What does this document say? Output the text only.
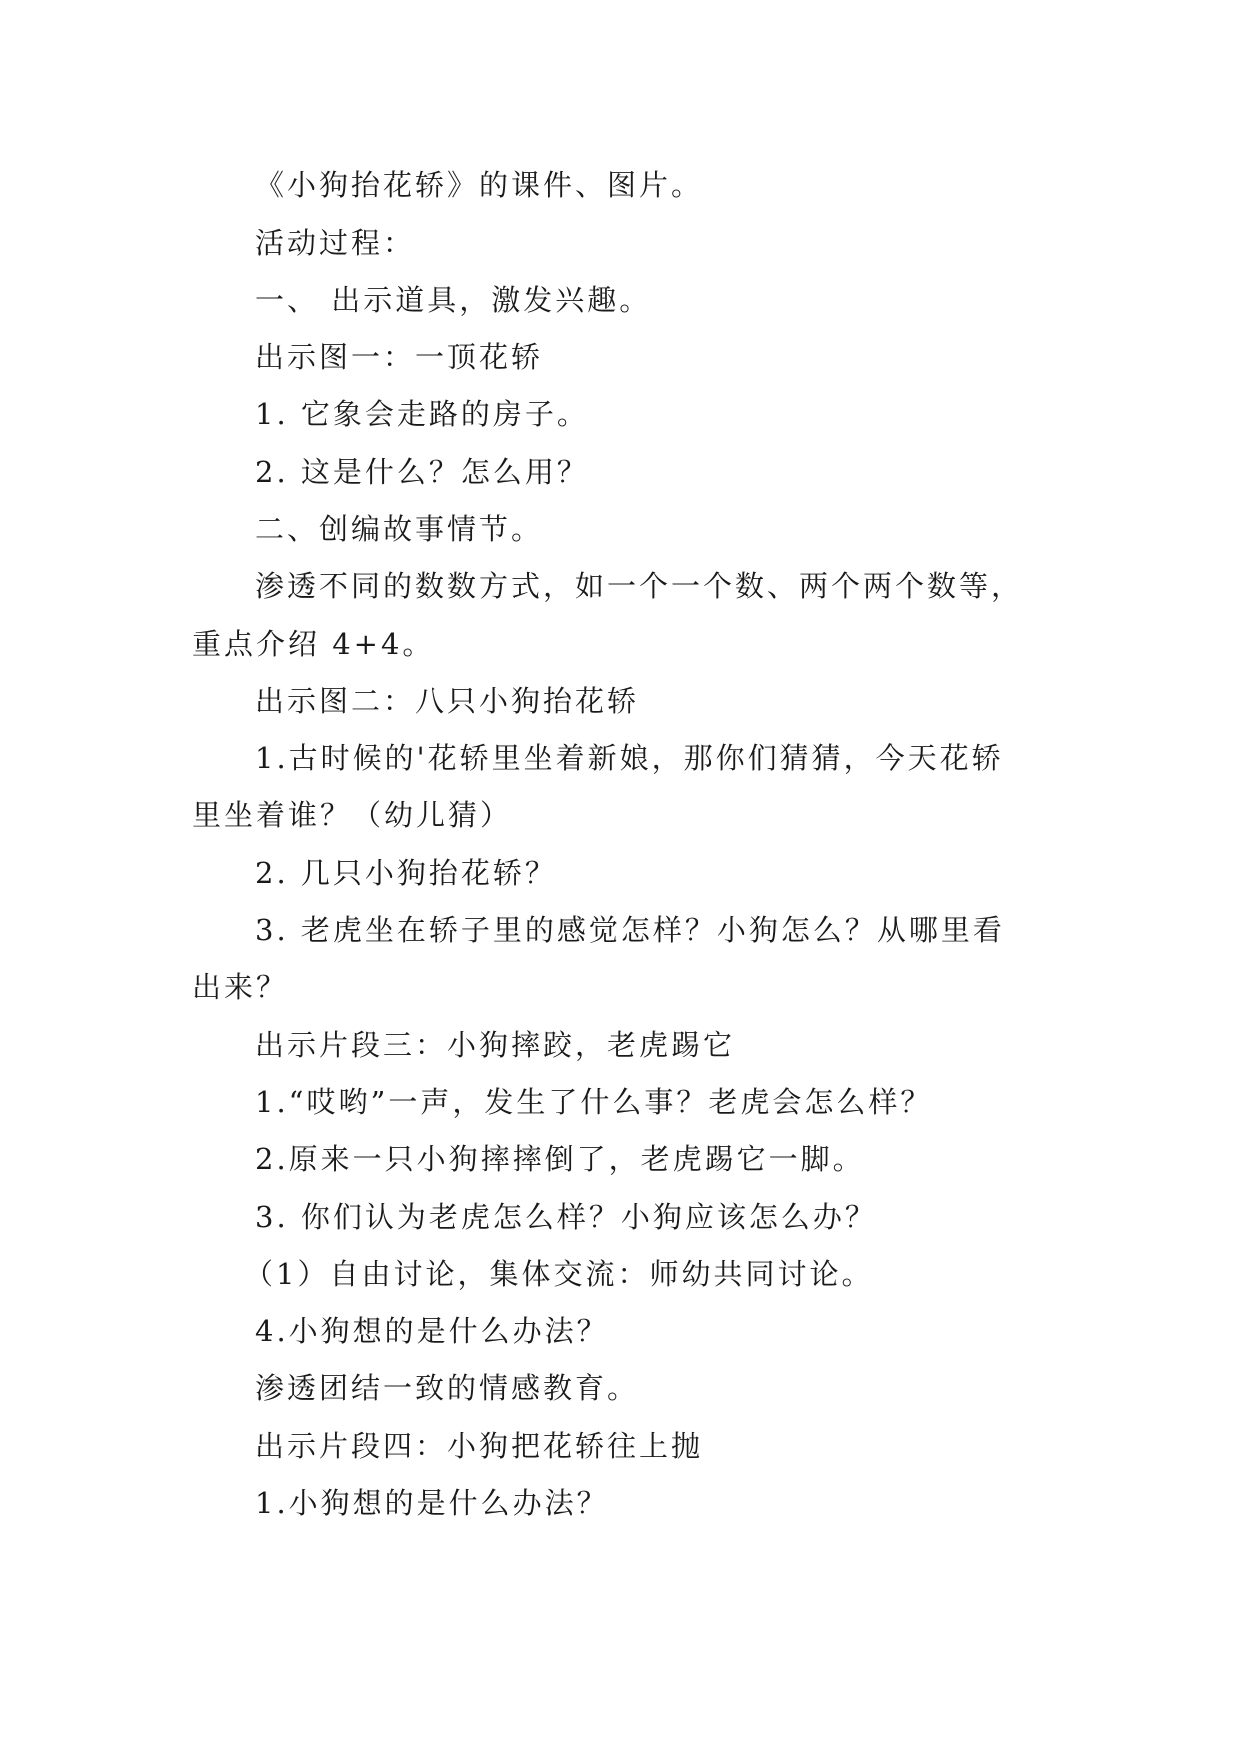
《小狗抬花轿》的课件、图片。
活动过程：
一、 出示道具，激发兴趣。
出示图一：一顶花轿
1. 它象会走路的房子。
2. 这是什么？怎么用？
二、创编故事情节。
渗透不同的数数方式，如一个一个数、两个两个数等，
重点介绍 4+4。
出示图二：八只小狗抬花轿
1.古时候的'花轿里坐着新娘，那你们猜猜，今天花轿
里坐着谁？（幼儿猜）
2. 几只小狗抬花轿？
3. 老虎坐在轿子里的感觉怎样？小狗怎么？从哪里看
出来？
出示片段三：小狗摔跤，老虎踢它
1.“哎哟”一声，发生了什么事？老虎会怎么样？
2.原来一只小狗摔摔倒了，老虎踢它一脚。
3. 你们认为老虎怎么样？小狗应该怎么办？
（1）自由讨论，集体交流：师幼共同讨论。
4.小狗想的是什么办法？
渗透团结一致的情感教育。
出示片段四：小狗把花轿往上抛
1.小狗想的是什么办法？
